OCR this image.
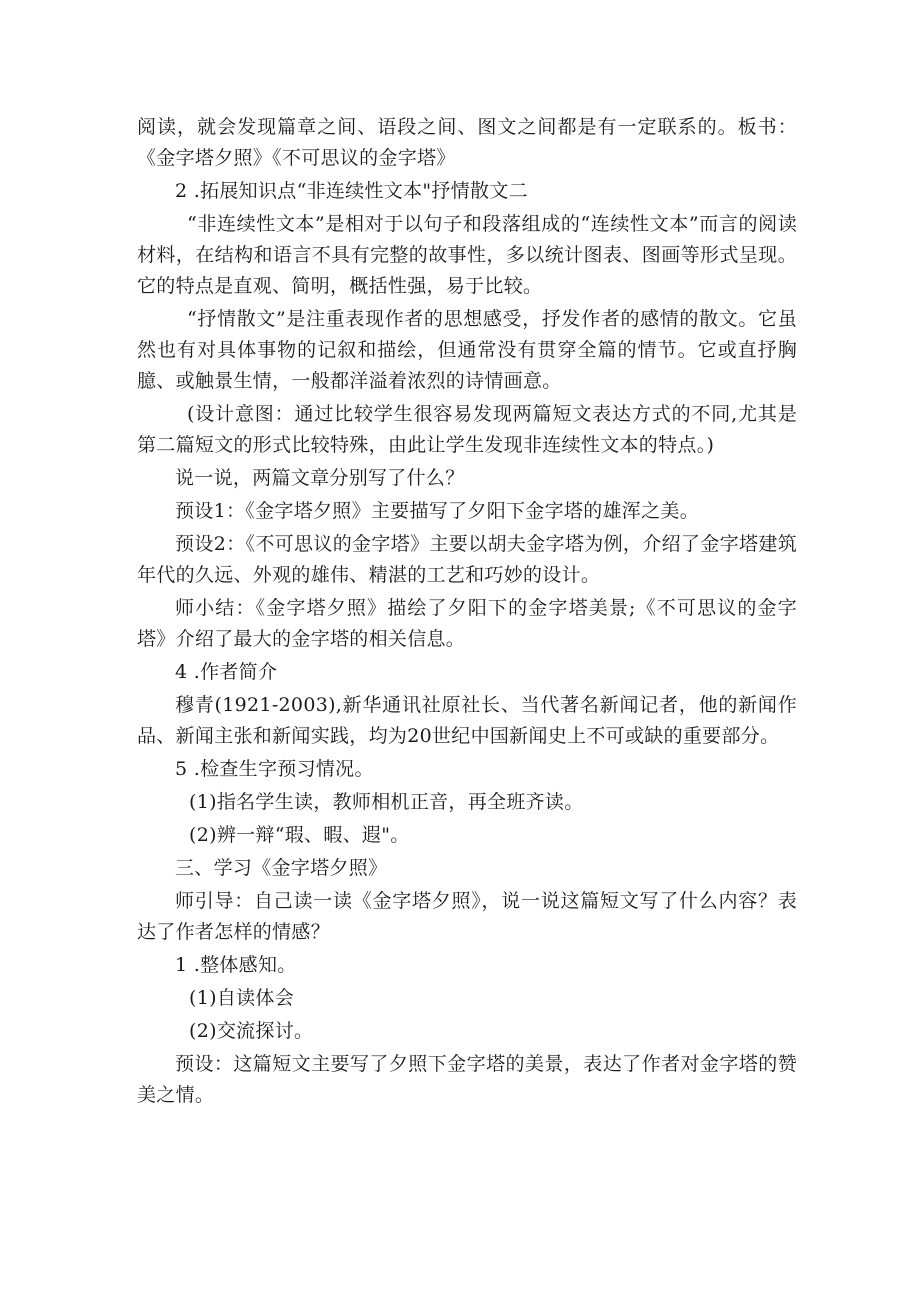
阅读，就会发现篇章之间、语段之间、图文之间都是有一定联系的。板书：《金字塔夕照》《不可思议的金字塔》

2 .拓展知识点“非连续性文本"抒情散文二

“非连续性文本”是相对于以句子和段落组成的“连续性文本”而言的阅读材料，在结构和语言不具有完整的故事性，多以统计图表、图画等形式呈现。它的特点是直观、简明，概括性强，易于比较。

“抒情散文”是注重表现作者的思想感受，抒发作者的感情的散文。它虽然也有对具体事物的记叙和描绘，但通常没有贯穿全篇的情节。它或直抒胸臆、或触景生情，一般都洋溢着浓烈的诗情画意。

(设计意图：通过比较学生很容易发现两篇短文表达方式的不同,尤其是第二篇短文的形式比较特殊，由此让学生发现非连续性文本的特点。)

说一说，两篇文章分别写了什么？

预设1：《金字塔夕照》主要描写了夕阳下金字塔的雄浑之美。

预设2：《不可思议的金字塔》主要以胡夫金字塔为例，介绍了金字塔建筑年代的久远、外观的雄伟、精湛的工艺和巧妙的设计。

师小结：《金字塔夕照》描绘了夕阳下的金字塔美景;《不可思议的金字塔》介绍了最大的金字塔的相关信息。

4 .作者简介

穆青(1921-2003),新华通讯社原社长、当代著名新闻记者，他的新闻作品、新闻主张和新闻实践，均为20世纪中国新闻史上不可或缺的重要部分。

5 .检查生字预习情况。

(1)指名学生读，教师相机正音，再全班齐读。

(2)辨一辩“瑕、暇、遐"。

三、学习《金字塔夕照》

师引导：自己读一读《金字塔夕照》，说一说这篇短文写了什么内容？表达了作者怎样的情感？

1 .整体感知。

(1)自读体会

(2)交流探讨。

预设：这篇短文主要写了夕照下金字塔的美景，表达了作者对金字塔的赞美之情。
